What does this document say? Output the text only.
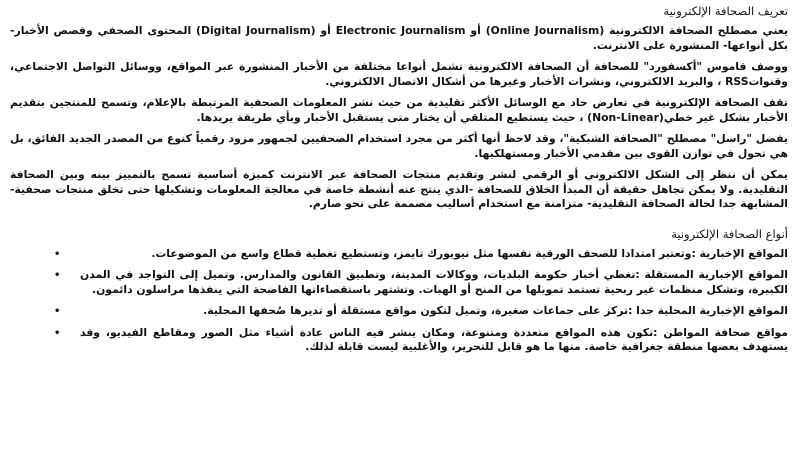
تعريف الصحافة الإلكترونية

يعني مصطلح الصحافة الالكترونية (Online Journalism) أو Electronic Journalism أو (Digital Journalism) المحتوى الصحفي وقصص الأخبار- بكل أنواعها- المنشورة على الانترنت.

ووصف قاموس "أكسفورد" للصحافة أن الصحافة الالكترونية تشمل أنواعا مختلفة من الأخبار المنشورة عبر المواقع، ووسائل التواصل الاجتماعي، وقنواتRSS ، والبريد الالكتروني، ونشرات الأخبار وغيرها من أشكال الاتصال الالكتروني.

تقف الصحافة الإلكترونية في تعارض حاد مع الوسائل الأكثر تقليدية من حيث نشر المعلومات الصحفية المرتبطة بالإعلام، وتسمح للمنتجين بتقديم الأخبار بشكل غير خطي(Non-Linear) ، حيث يستطيع المتلقي أن يختار متى يستقبل الأخبار وبأي طريقة يريدها.

يفضل "راسل" مصطلح "الصحافة الشبكية"، وقد لاحظ أنها أكثر من مجرد استخدام الصحفيين لجمهور مزود رقمياً كنوع من المصدر الجديد الفائق، بل هي تحول في توازن القوى بين مقدمي الأخبار ومستهلكيها.

يمكن أن ننظر إلى الشكل الالكتروني أو الرقمي لنشر وتقديم منتجات الصحافة عبر الانترنت كميزة أساسية تسمح بالتمييز بينه وبين الصحافة التقليدية. ولا يمكن تجاهل حقيقة أن المبدأ الخلاق للصحافة -الذي ينتج عنه أنشطة خاصة في معالجة المعلومات وتشكيلها حتى تخلق منتجات صحفية- المشابهة جدا لحالة الصحافة التقليدية- متزامنة مع استخدام أساليب مصممة على نحو صارم.

أنواع الصحافة الإلكترونية
•	المواقع الإخبارية :وتعتبر امتدادا للصحف الورقية نفسها مثل نيويورك تايمز، وتستطيع تغطية قطاع واسع من الموضوعات.
• المواقع الإخبارية المستقلة :تغطي أخبار حكومة البلديات، ووكالات المدينة، وتطبيق القانون والمدارس. وتميل إلى التواجد في المدن الكبيرة، وتشكل منظمات غير ربحية تستمد تمويلها من المنح أو الهبات. وتشتهر باستقصاءاتها الفاضحة التي ينفذها مراسلون دائمون.
•	المواقع الإخبارية المحلية جدا :تركز على جماعات صغيرة، وتميل لتكون مواقع مستقلة أو تديرها صُحفها المحلية.
• مواقع صحافة المواطن :تكون هذه المواقع متعددة ومتنوعة، ومكان ينشر فيه الناس عادة أشياء مثل الصور ومقاطع الفيديو، وقد يستهدف بعضها منطقة جغرافية خاصة. منها ما هو قابل للتحرير، والأغلبية ليست قابلة لذلك.
